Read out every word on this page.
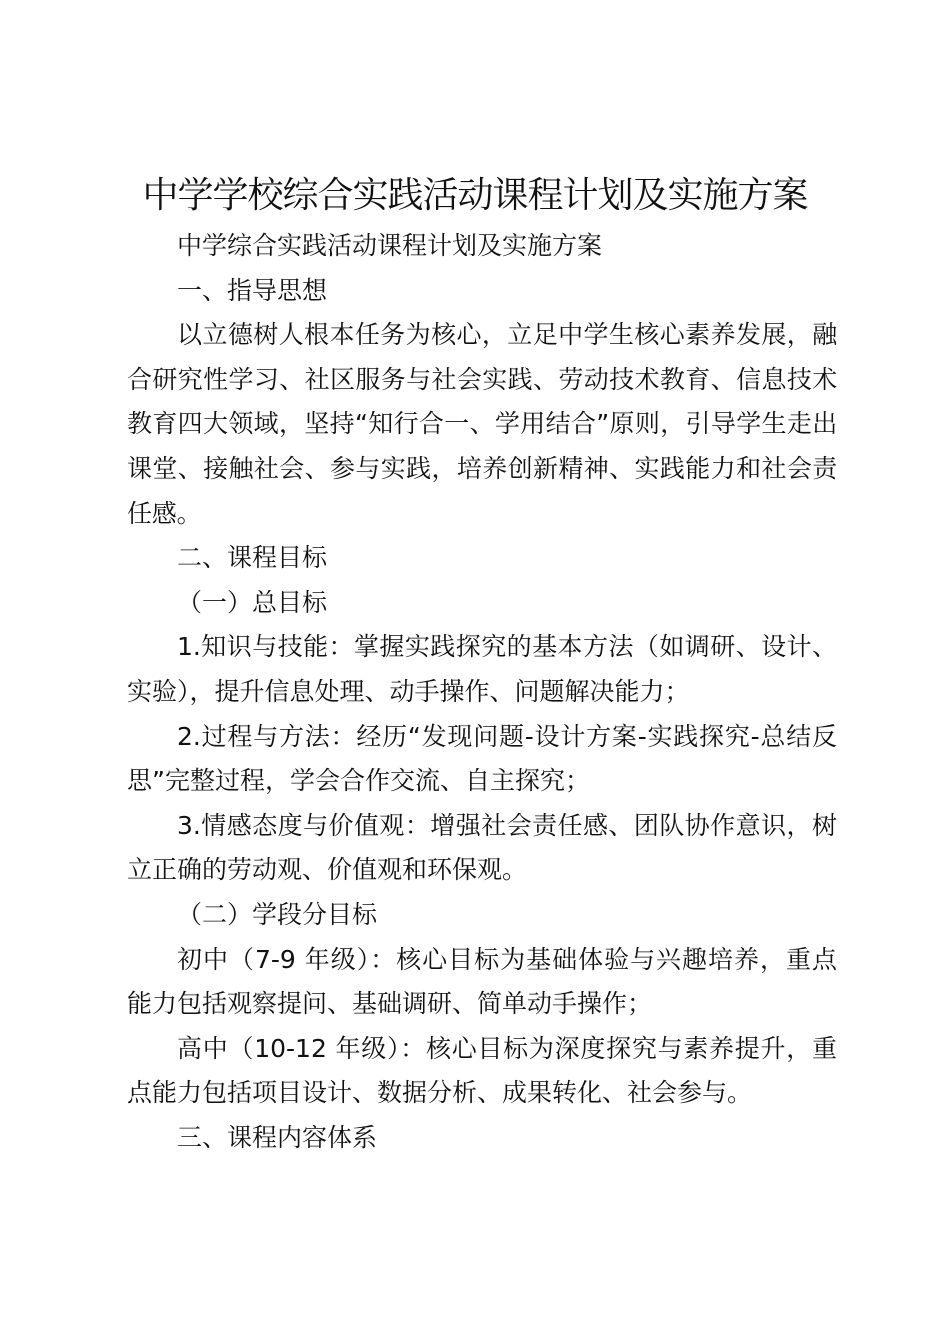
中学学校综合实践活动课程计划及实施方案

中学综合实践活动课程计划及实施方案

一、指导思想

以立德树人根本任务为核心，立足中学生核心素养发展，融合研究性学习、社区服务与社会实践、劳动技术教育、信息技术教育四大领域，坚持“知行合一、学用结合”原则，引导学生走出课堂、接触社会、参与实践，培养创新精神、实践能力和社会责任感。

二、课程目标

（一）总目标

1.知识与技能：掌握实践探究的基本方法（如调研、设计、实验），提升信息处理、动手操作、问题解决能力；

2.过程与方法：经历“发现问题-设计方案-实践探究-总结反思”完整过程，学会合作交流、自主探究；

3.情感态度与价值观：增强社会责任感、团队协作意识，树立正确的劳动观、价值观和环保观。

（二）学段分目标

初中（7-9 年级）：核心目标为基础体验与兴趣培养，重点能力包括观察提问、基础调研、简单动手操作；

高中（10-12 年级）：核心目标为深度探究与素养提升，重点能力包括项目设计、数据分析、成果转化、社会参与。

三、课程内容体系
